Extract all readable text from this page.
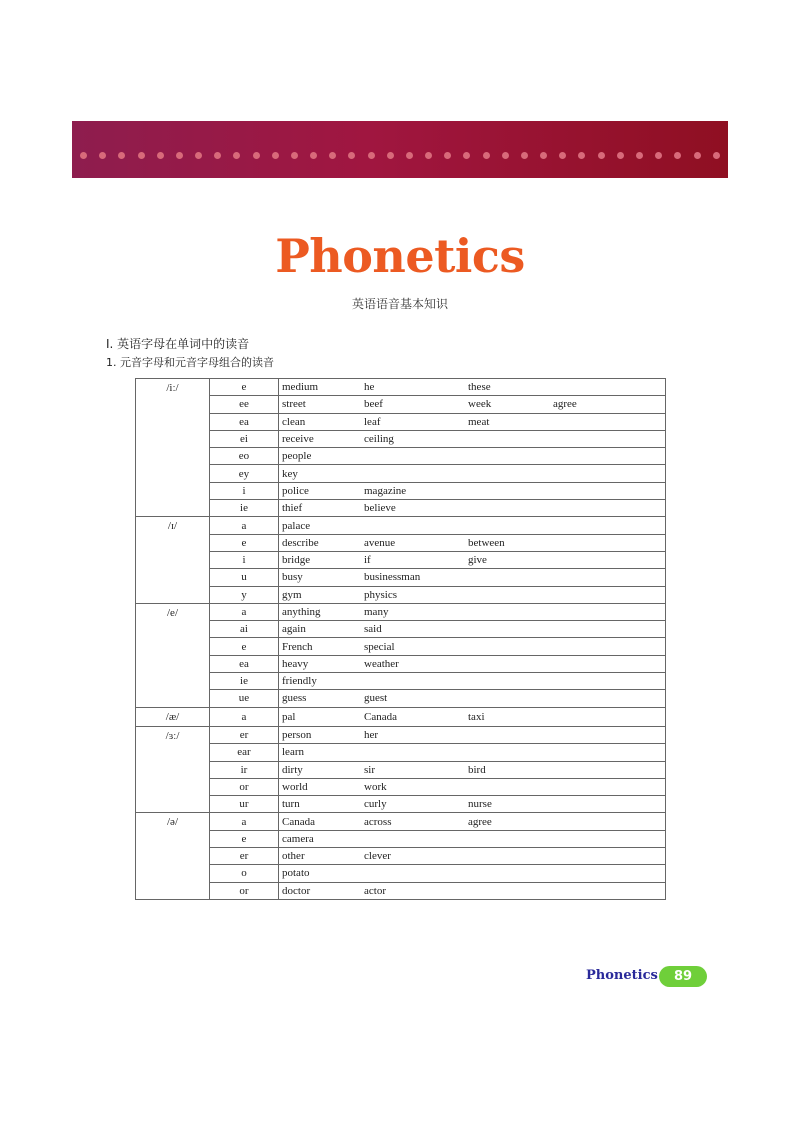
Phonetics
英语语音基本知识
I. 英语字母在单词中的读音
1. 元音字母和元音字母组合的读音
/iː/	e	medium	he	these	
	ee	street	beef	week	agree
	ea	clean	leaf	meat	
	ei	receive	ceiling		
	eo	people			
	ey	key			
	i	police	magazine		
	ie	thief	believe		
/ɪ/	a	palace			
	e	describe	avenue	between	
	i	bridge	if	give	
	u	busy	businessman		
	y	gym	physics		
/e/	a	anything	many		
	ai	again	said		
	e	French	special		
	ea	heavy	weather		
	ie	friendly			
	ue	guess	guest		
/æ/	a	pal	Canada	taxi	
/ɜː/	er	person	her		
	ear	learn			
	ir	dirty	sir	bird	
	or	world	work		
	ur	turn	curly	nurse	
/ə/	a	Canada	across	agree	
	e	camera			
	er	other	clever		
	o	potato			
	or	doctor	actor		
Phonetics	89
